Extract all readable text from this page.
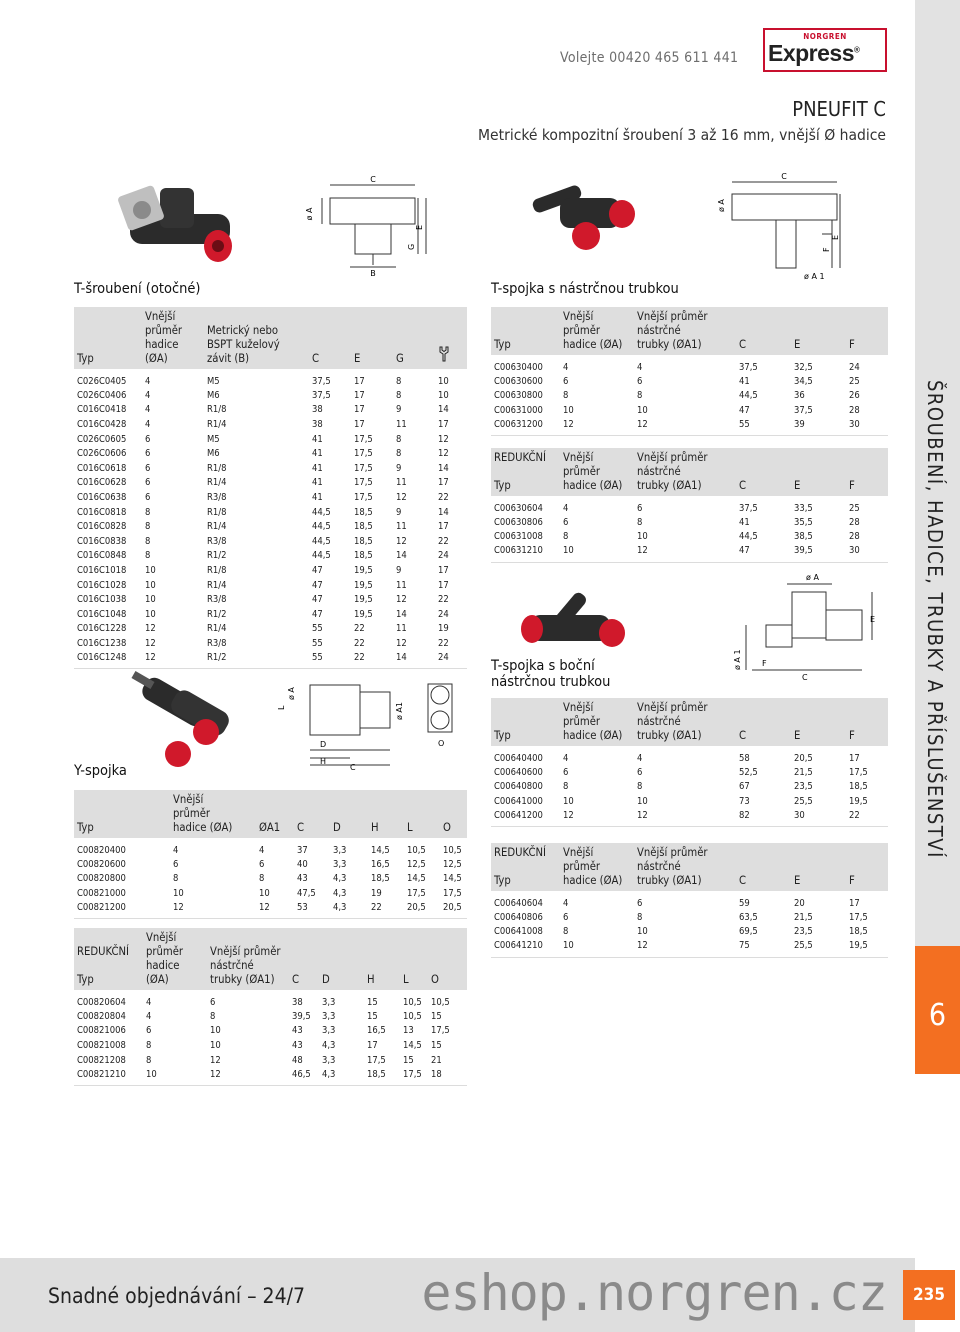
Volejte 00420 465 611 441
NORGREN
Express®
PNEUFIT C
Metrické kompozitní šroubení 3 až 16 mm, vnější Ø hadice
ŠROUBENÍ, HADICE, TRUBKY A PŘÍSLUŠENSTVÍ
6
T-šroubení (otočné)
Y-spojka
T-spojka s nástrčnou trubkou
T-spojka s boční
nástrčnou trubkou
C
ø A
B
G
E
L
ø A
ø A1
D
H
C
O
C
ø A
ø A 1
F
E
ø A
E
ø A 1	F
C
Typ	Vnější
průměr
hadice (ØA)	Metrický nebo
BSPT kuželový
závit (B)	C	E	G	
C026C0405	4	M5	37,5	17	8	10
C026C0406	4	M6	37,5	17	8	10
C016C0418	4	R1/8	38	17	9	14
C016C0428	4	R1/4	38	17	11	17
C026C0605	6	M5	41	17,5	8	12
C026C0606	6	M6	41	17,5	8	12
C016C0618	6	R1/8	41	17,5	9	14
C016C0628	6	R1/4	41	17,5	11	17
C016C0638	6	R3/8	41	17,5	12	22
C016C0818	8	R1/8	44,5	18,5	9	14
C016C0828	8	R1/4	44,5	18,5	11	17
C016C0838	8	R3/8	44,5	18,5	12	22
C016C0848	8	R1/2	44,5	18,5	14	24
C016C1018	10	R1/8	47	19,5	9	17
C016C1028	10	R1/4	47	19,5	11	17
C016C1038	10	R3/8	47	19,5	12	22
C016C1048	10	R1/2	47	19,5	14	24
C016C1228	12	R1/4	55	22	11	19
C016C1238	12	R3/8	55	22	12	22
C016C1248	12	R1/2	55	22	14	24
Typ	Vnější
průměr
hadice (ØA)	ØA1	C	D	H	L	O
C00820400	4	4	37	3,3	14,5	10,5	10,5
C00820600	6	6	40	3,3	16,5	12,5	12,5
C00820800	8	8	43	4,3	18,5	14,5	14,5
C00821000	10	10	47,5	4,3	19	17,5	17,5
C00821200	12	12	53	4,3	22	20,5	20,5
REDUKČNÍ

Typ	Vnější
průměr
hadice (ØA)	Vnější průměr
nástrčné
trubky (ØA1)	C	D	H	L	O
C00820604	4	6	38	3,3	15	10,5	10,5
C00820804	4	8	39,5	3,3	15	10,5	15
C00821006	6	10	43	3,3	16,5	13	17,5
C00821008	8	10	43	4,3	17	14,5	15
C00821208	8	12	48	3,3	17,5	15	21
C00821210	10	12	46,5	4,3	18,5	17,5	18
Typ	Vnější
průměr
hadice (ØA)	Vnější průměr
nástrčné
trubky (ØA1)	C	E	F
C00630400	4	4	37,5	32,5	24
C00630600	6	6	41	34,5	25
C00630800	8	8	44,5	36	26
C00631000	10	10	47	37,5	28
C00631200	12	12	55	39	30
REDUKČNÍ

Typ	Vnější
průměr
hadice (ØA)	Vnější průměr
nástrčné
trubky (ØA1)	C	E	F
C00630604	4	6	37,5	33,5	25
C00630806	6	8	41	35,5	28
C00631008	8	10	44,5	38,5	28
C00631210	10	12	47	39,5	30
Typ	Vnější
průměr
hadice (ØA)	Vnější průměr
nástrčné
trubky (ØA1)	C	E	F
C00640400	4	4	58	20,5	17
C00640600	6	6	52,5	21,5	17,5
C00640800	8	8	67	23,5	18,5
C00641000	10	10	73	25,5	19,5
C00641200	12	12	82	30	22
REDUKČNÍ

Typ	Vnější
průměr
hadice (ØA)	Vnější průměr
nástrčné
trubky (ØA1)	C	E	F
C00640604	4	6	59	20	17
C00640806	6	8	63,5	21,5	17,5
C00641008	8	10	69,5	23,5	18,5
C00641210	10	12	75	25,5	19,5
Snadné objednávání – 24/7 eshop.norgren.cz	235
